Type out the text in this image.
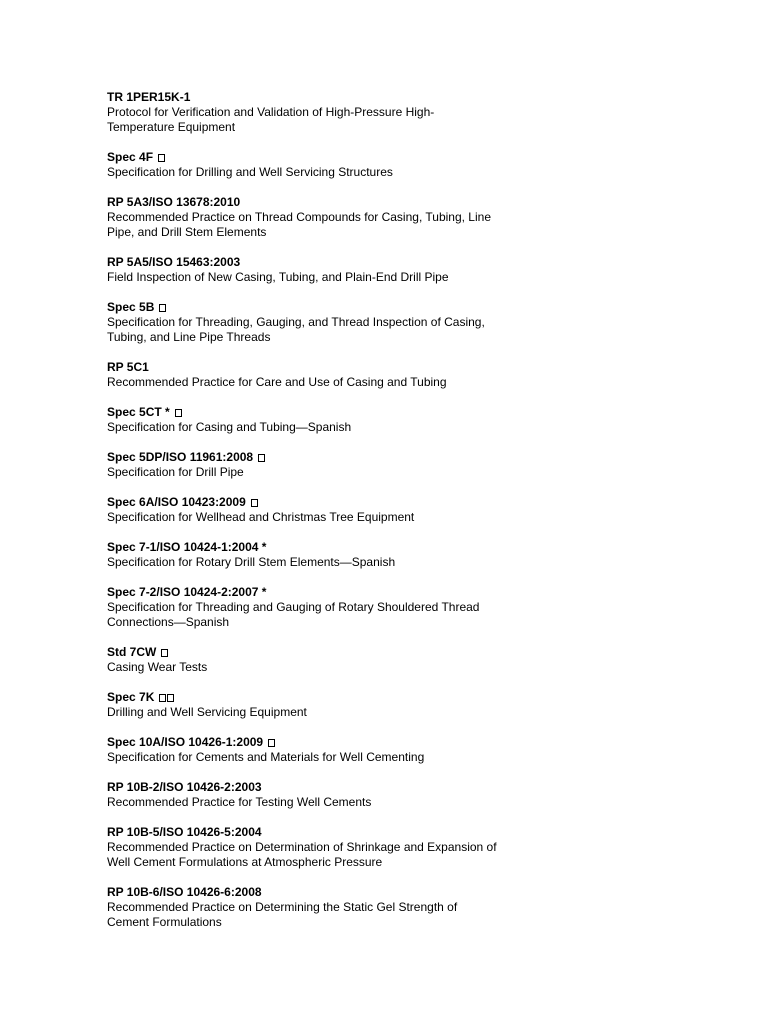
TR 1PER15K-1
Protocol for Verification and Validation of High-Pressure High-Temperature Equipment
Spec 4F
Specification for Drilling and Well Servicing Structures
RP 5A3/ISO 13678:2010
Recommended Practice on Thread Compounds for Casing, Tubing, Line Pipe, and Drill Stem Elements
RP 5A5/ISO 15463:2003
Field Inspection of New Casing, Tubing, and Plain-End Drill Pipe
Spec 5B
Specification for Threading, Gauging, and Thread Inspection of Casing, Tubing, and Line Pipe Threads
RP 5C1
Recommended Practice for Care and Use of Casing and Tubing
Spec 5CT *
Specification for Casing and Tubing—Spanish
Spec 5DP/ISO 11961:2008
Specification for Drill Pipe
Spec 6A/ISO 10423:2009
Specification for Wellhead and Christmas Tree Equipment
Spec 7-1/ISO 10424-1:2004 *
Specification for Rotary Drill Stem Elements—Spanish
Spec 7-2/ISO 10424-2:2007 *
Specification for Threading and Gauging of Rotary Shouldered Thread Connections—Spanish
Std 7CW
Casing Wear Tests
Spec 7K
Drilling and Well Servicing Equipment
Spec 10A/ISO 10426-1:2009
Specification for Cements and Materials for Well Cementing
RP 10B-2/ISO 10426-2:2003
Recommended Practice for Testing Well Cements
RP 10B-5/ISO 10426-5:2004
Recommended Practice on Determination of Shrinkage and Expansion of Well Cement Formulations at Atmospheric Pressure
RP 10B-6/ISO 10426-6:2008
Recommended Practice on Determining the Static Gel Strength of Cement Formulations
